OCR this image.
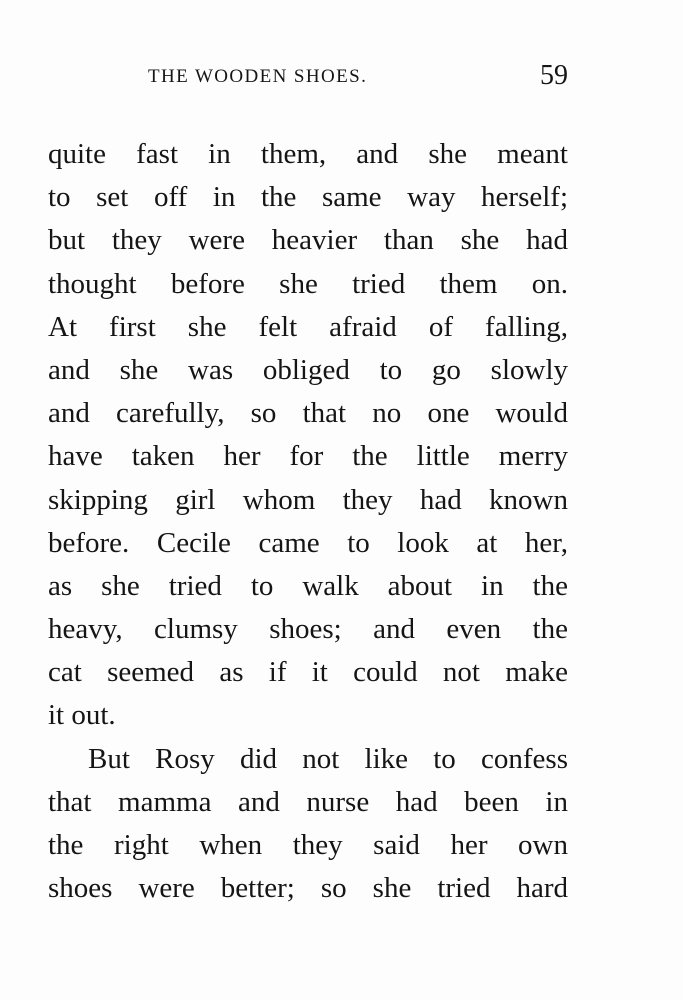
THE WOODEN SHOES.	59
quite fast in them, and she meant
to set off in the same way herself;
but they were heavier than she had
thought before she tried them on.
At first she felt afraid of falling,
and she was obliged to go slowly
and carefully, so that no one would
have taken her for the little merry
skipping girl whom they had known
before. Cecile came to look at her,
as she tried to walk about in the
heavy, clumsy shoes; and even the
cat seemed as if it could not make
it out.
But Rosy did not like to confess
that mamma and nurse had been in
the right when they said her own
shoes were better; so she tried hard
